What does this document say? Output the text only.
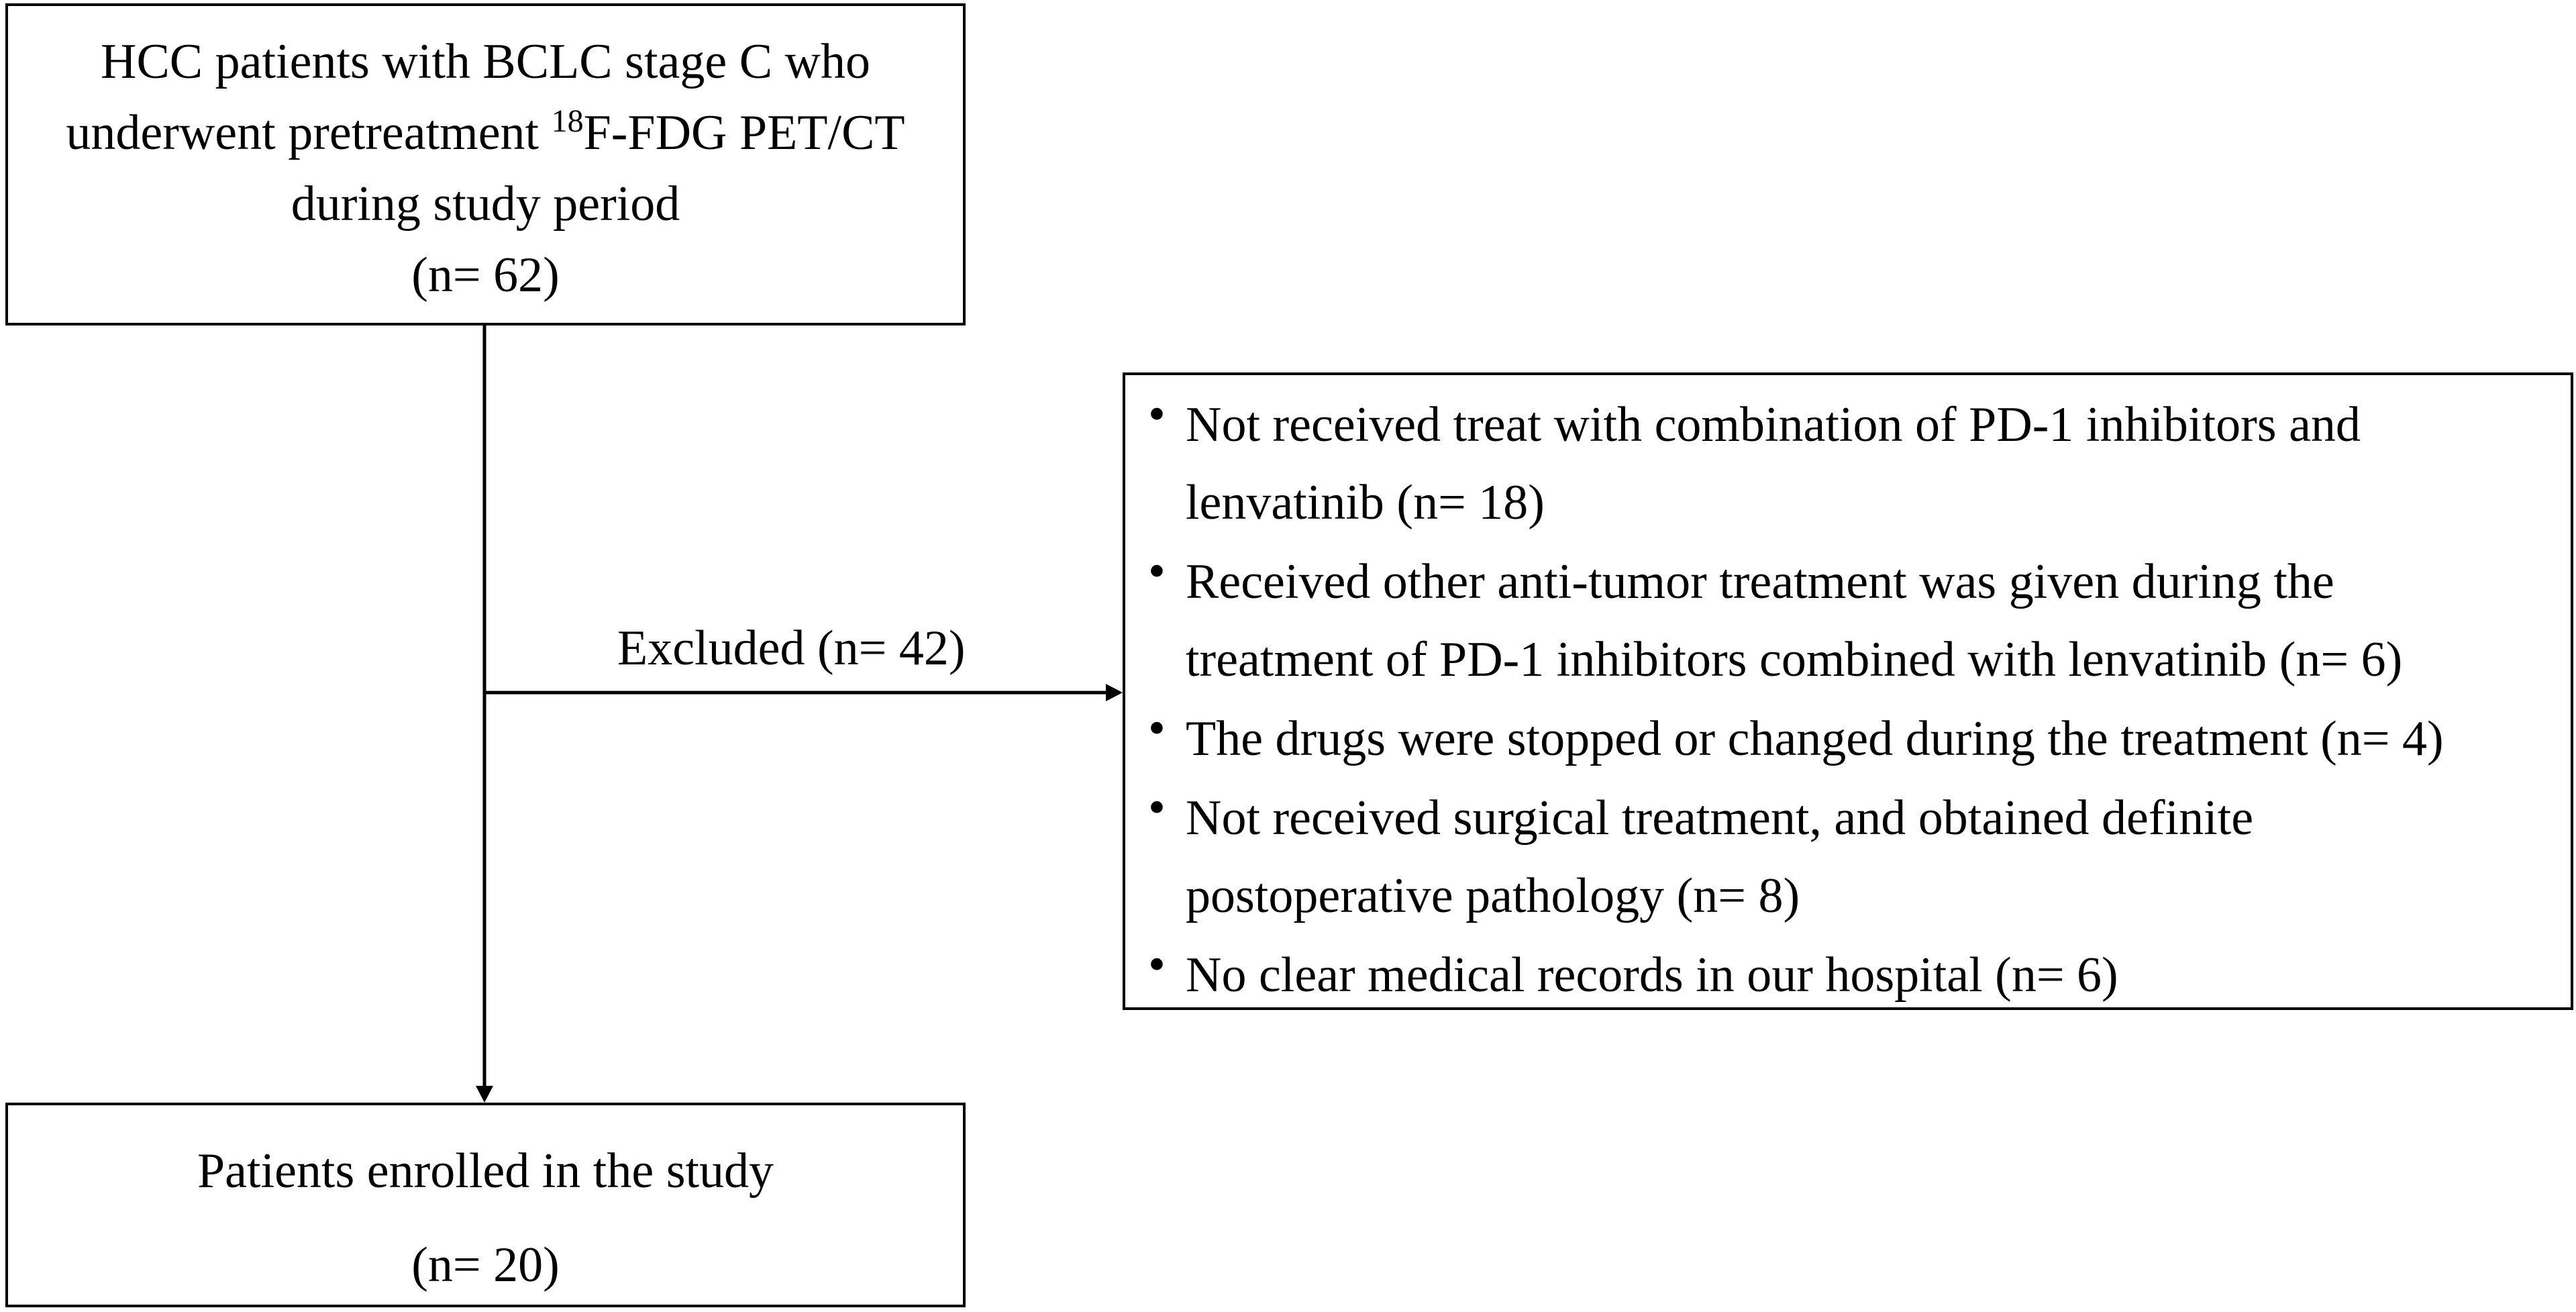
HCC patients with BCLC stage C who
underwent pretreatment $^{18}$F-FDG PET/CT
during study period
(n= 62)
Excluded (n= 42)
• Not received treat with combination of PD-1 inhibitors and
lenvatinib (n= 18)
• Received other anti-tumor treatment was given during the
treatment of PD-1 inhibitors combined with lenvatinib (n= 6)
• The drugs were stopped or changed during the treatment (n= 4)
• Not received surgical treatment, and obtained definite
postoperative pathology (n= 8)
• No clear medical records in our hospital (n= 6)
Patients enrolled in the study
(n= 20)
